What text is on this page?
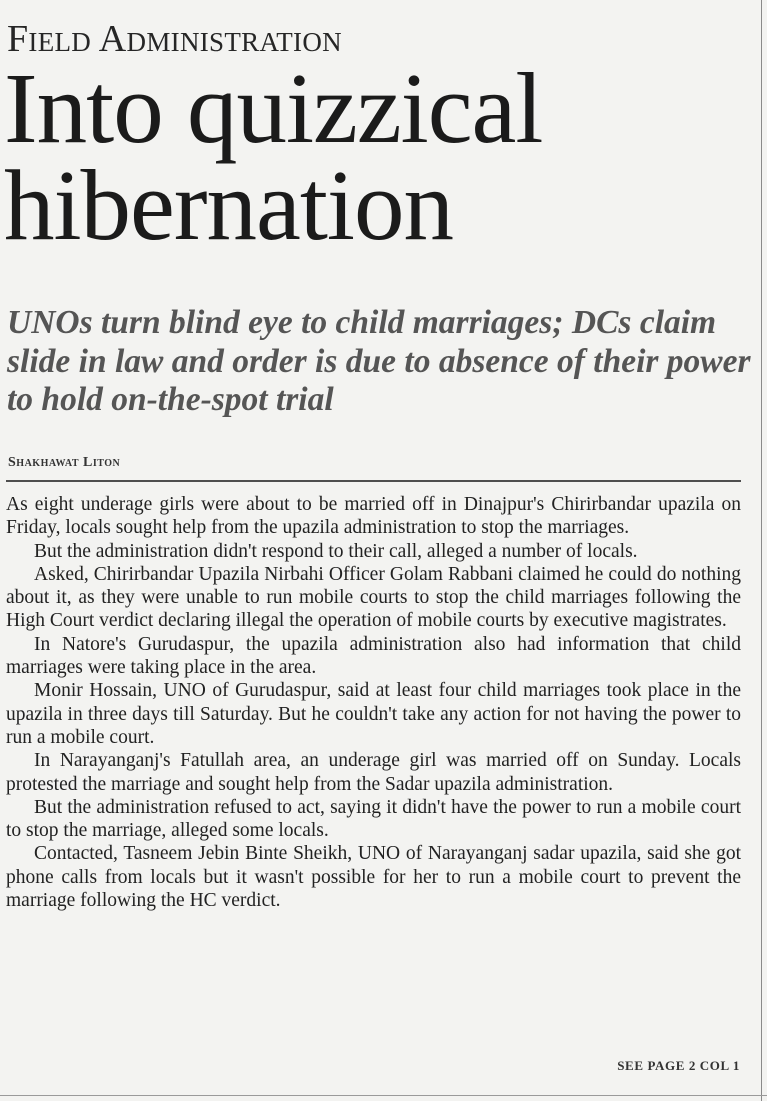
Field Administration
Into quizzical hibernation
UNOs turn blind eye to child marriages; DCs claim slide in law and order is due to absence of their power to hold on-the-spot trial
Shakhawat Liton

As eight underage girls were about to be married off in Dinajpur's Chirirbandar upazila on Friday, locals sought help from the upazila administration to stop the marriages.

But the administration didn't respond to their call, alleged a number of locals.

Asked, Chirirbandar Upazila Nirbahi Officer Golam Rabbani claimed he could do nothing about it, as they were unable to run mobile courts to stop the child marriages following the High Court verdict declaring illegal the operation of mobile courts by executive magistrates.

In Natore's Gurudaspur, the upazila administration also had information that child marriages were taking place in the area.

Monir Hossain, UNO of Gurudaspur, said at least four child marriages took place in the upazila in three days till Saturday. But he couldn't take any action for not having the power to run a mobile court.

In Narayanganj's Fatullah area, an underage girl was married off on Sunday. Locals protested the marriage and sought help from the Sadar upazila administration.

But the administration refused to act, saying it didn't have the power to run a mobile court to stop the marriage, alleged some locals.

Contacted, Tasneem Jebin Binte Sheikh, UNO of Narayanganj sadar upazila, said she got phone calls from locals but it wasn't possible for her to run a mobile court to prevent the marriage following the HC verdict.

SEE PAGE 2 COL 1
